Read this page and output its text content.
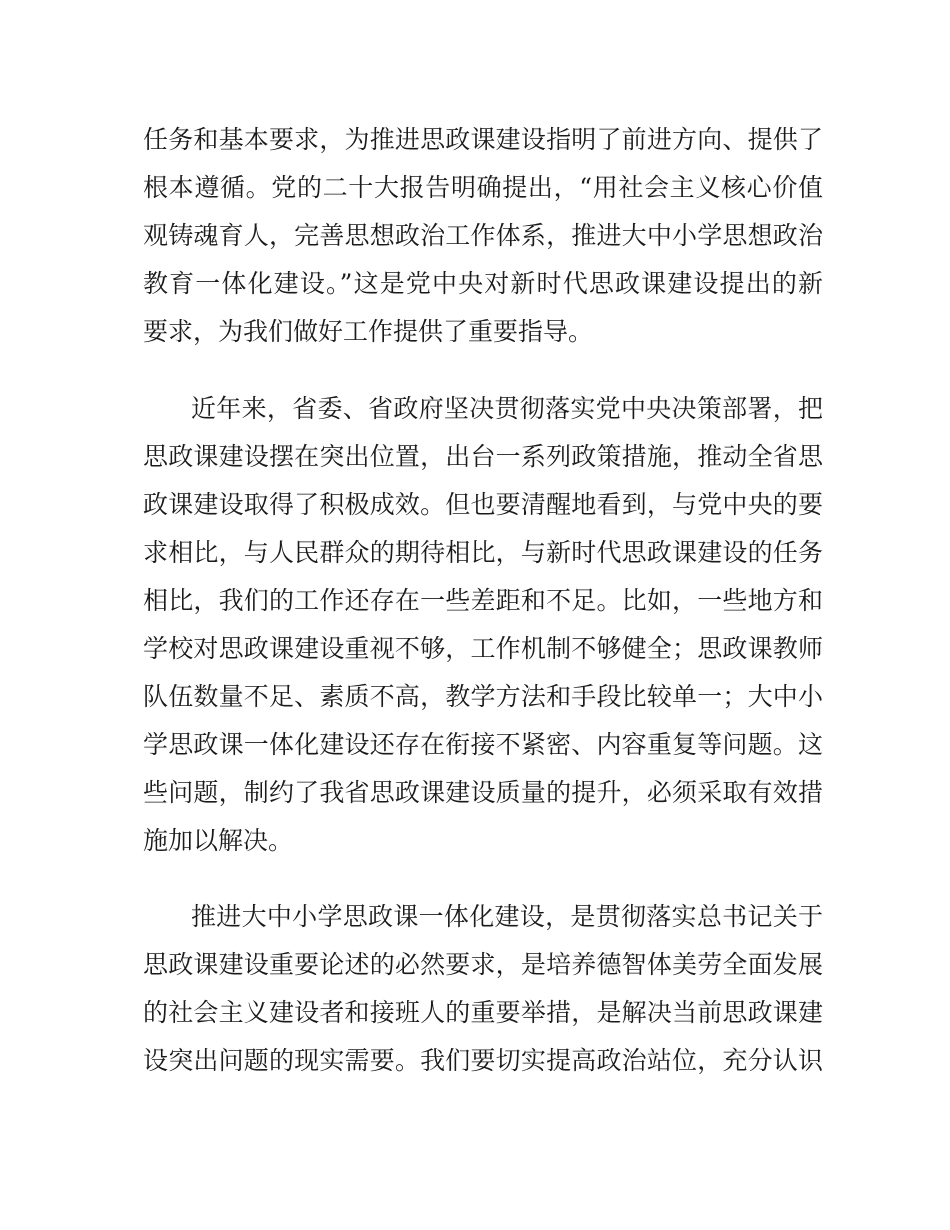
任务和基本要求，为推进思政课建设指明了前进方向、提供了
根本遵循。党的二十大报告明确提出，“用社会主义核心价值
观铸魂育人，完善思想政治工作体系，推进大中小学思想政治
教育一体化建设。”这是党中央对新时代思政课建设提出的新
要求，为我们做好工作提供了重要指导。
近年来，省委、省政府坚决贯彻落实党中央决策部署，把
思政课建设摆在突出位置，出台一系列政策措施，推动全省思
政课建设取得了积极成效。但也要清醒地看到，与党中央的要
求相比，与人民群众的期待相比，与新时代思政课建设的任务
相比，我们的工作还存在一些差距和不足。比如，一些地方和
学校对思政课建设重视不够，工作机制不够健全；思政课教师
队伍数量不足、素质不高，教学方法和手段比较单一；大中小
学思政课一体化建设还存在衔接不紧密、内容重复等问题。这
些问题，制约了我省思政课建设质量的提升，必须采取有效措
施加以解决。
推进大中小学思政课一体化建设，是贯彻落实总书记关于
思政课建设重要论述的必然要求，是培养德智体美劳全面发展
的社会主义建设者和接班人的重要举措，是解决当前思政课建
设突出问题的现实需要。我们要切实提高政治站位，充分认识
